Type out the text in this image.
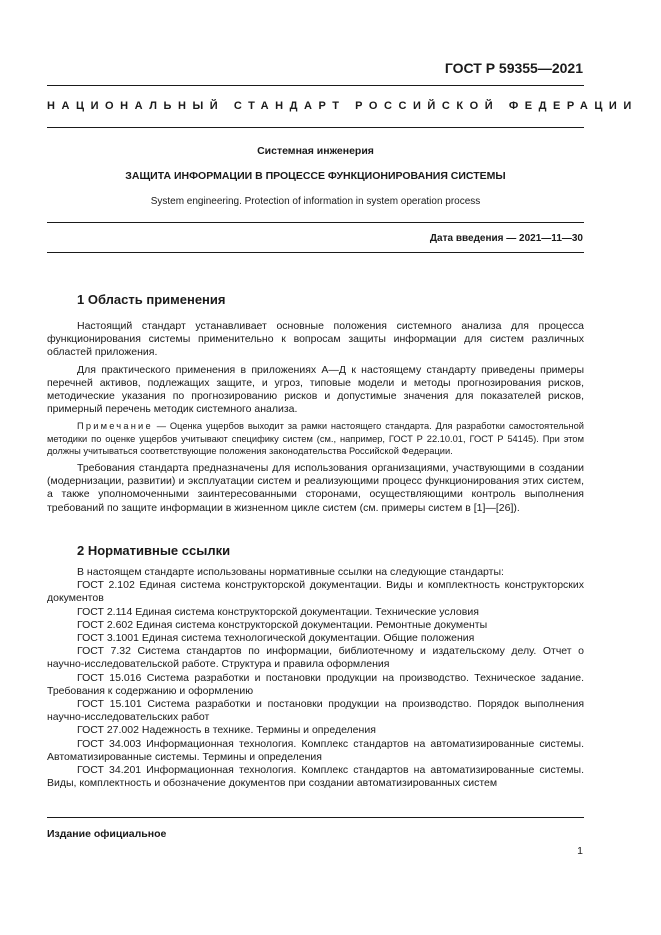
ГОСТ Р 59355—2021
НАЦИОНАЛЬНЫЙ СТАНДАРТ РОССИЙСКОЙ ФЕДЕРАЦИИ
Системная инженерия
ЗАЩИТА ИНФОРМАЦИИ В ПРОЦЕССЕ ФУНКЦИОНИРОВАНИЯ СИСТЕМЫ
System engineering. Protection of information in system operation process
Дата введения — 2021—11—30
1 Область применения

Настоящий стандарт устанавливает основные положения системного анализа для процесса функционирования системы применительно к вопросам защиты информации для систем различных областей приложения.

Для практического применения в приложениях А—Д к настоящему стандарту приведены примеры перечней активов, подлежащих защите, и угроз, типовые модели и методы прогнозирования рисков, методические указания по прогнозированию рисков и допустимые значения для показателей рисков, примерный перечень методик системного анализа.

Примечание — Оценка ущербов выходит за рамки настоящего стандарта. Для разработки самостоятельной методики по оценке ущербов учитывают специфику систем (см., например, ГОСТ Р 22.10.01, ГОСТ Р 54145). При этом должны учитываться соответствующие положения законодательства Российской Федерации.

Требования стандарта предназначены для использования организациями, участвующими в создании (модернизации, развитии) и эксплуатации систем и реализующими процесс функционирования этих систем, а также уполномоченными заинтересованными сторонами, осуществляющими контроль выполнения требований по защите информации в жизненном цикле систем (см. примеры систем в [1]—[26]).

2 Нормативные ссылки

В настоящем стандарте использованы нормативные ссылки на следующие стандарты:

ГОСТ 2.102 Единая система конструкторской документации. Виды и комплектность конструкторских документов

ГОСТ 2.114 Единая система конструкторской документации. Технические условия

ГОСТ 2.602 Единая система конструкторской документации. Ремонтные документы

ГОСТ 3.1001 Единая система технологической документации. Общие положения

ГОСТ 7.32 Система стандартов по информации, библиотечному и издательскому делу. Отчет о научно-исследовательской работе. Структура и правила оформления

ГОСТ 15.016 Система разработки и постановки продукции на производство. Техническое задание. Требования к содержанию и оформлению

ГОСТ 15.101 Система разработки и постановки продукции на производство. Порядок выполнения научно-исследовательских работ

ГОСТ 27.002 Надежность в технике. Термины и определения

ГОСТ 34.003 Информационная технология. Комплекс стандартов на автоматизированные системы. Автоматизированные системы. Термины и определения

ГОСТ 34.201 Информационная технология. Комплекс стандартов на автоматизированные системы. Виды, комплектность и обозначение документов при создании автоматизированных систем

Издание официальное
1
